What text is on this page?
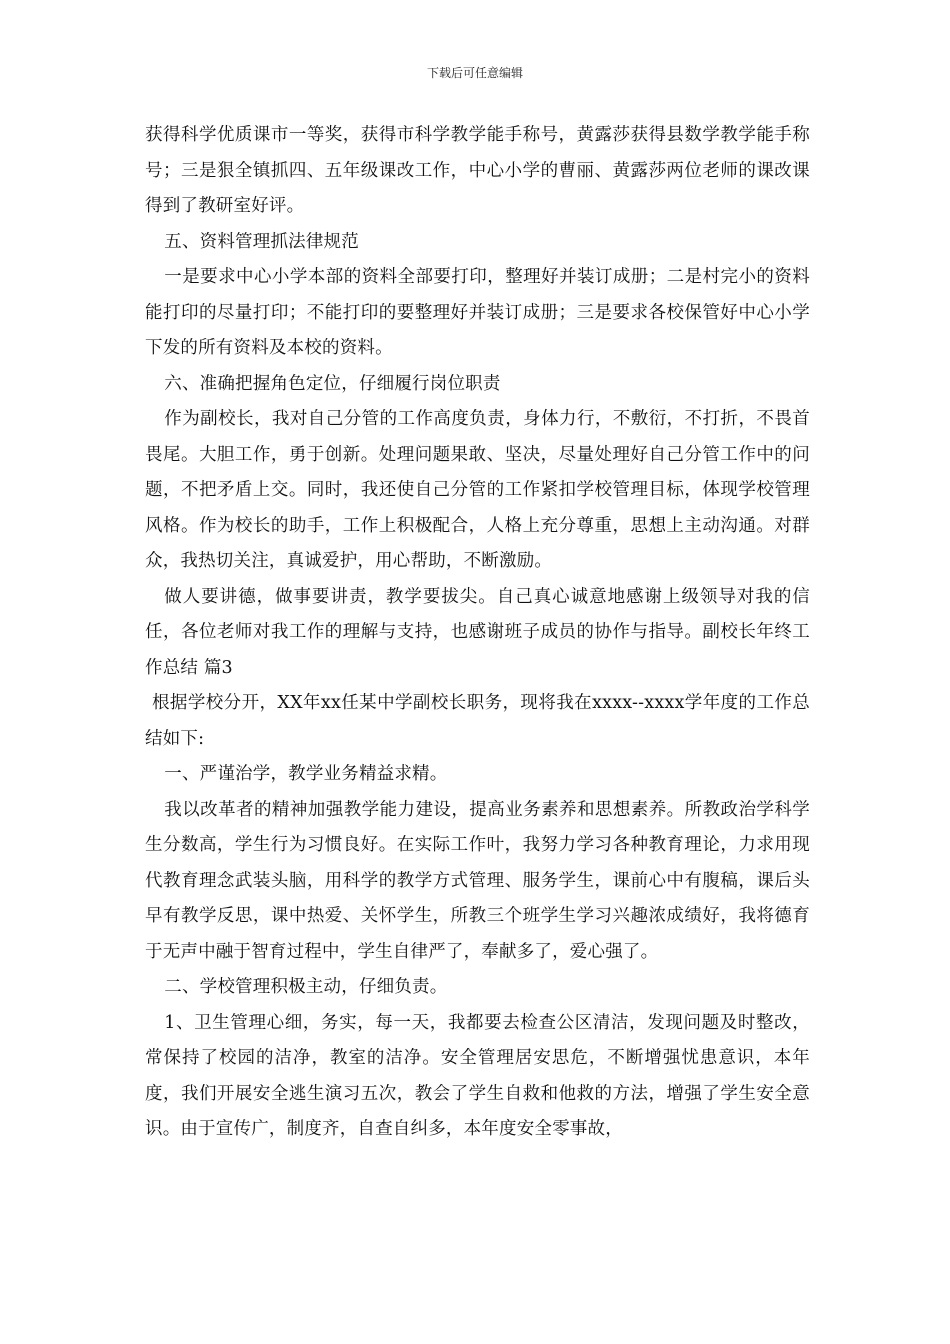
下载后可任意编辑

获得科学优质课市一等奖，获得市科学教学能手称号，黄露莎获得县数学教学能手称号；三是狠全镇抓四、五年级课改工作，中心小学的曹丽、黄露莎两位老师的课改课得到了教研室好评。

五、资料管理抓法律规范

一是要求中心小学本部的资料全部要打印，整理好并装订成册；二是村完小的资料能打印的尽量打印；不能打印的要整理好并装订成册；三是要求各校保管好中心小学下发的所有资料及本校的资料。

六、准确把握角色定位，仔细履行岗位职责

作为副校长，我对自己分管的工作高度负责，身体力行，不敷衍，不打折，不畏首畏尾。大胆工作，勇于创新。处理问题果敢、坚决，尽量处理好自己分管工作中的问题，不把矛盾上交。同时，我还使自己分管的工作紧扣学校管理目标，体现学校管理风格。作为校长的助手，工作上积极配合，人格上充分尊重，思想上主动沟通。对群众，我热切关注，真诚爱护，用心帮助，不断激励。

做人要讲德，做事要讲责，教学要拔尖。自己真心诚意地感谢上级领导对我的信任，各位老师对我工作的理解与支持，也感谢班子成员的协作与指导。副校长年终工作总结 篇3

根据学校分开，XX年xx任某中学副校长职务，现将我在xxxx--xxxx学年度的工作总结如下:

一、严谨治学，教学业务精益求精。

我以改革者的精神加强教学能力建设，提高业务素养和思想素养。所教政治学科学生分数高，学生行为习惯良好。在实际工作叶，我努力学习各种教育理论，力求用现代教育理念武装头脑，用科学的教学方式管理、服务学生，课前心中有腹稿，课后头早有教学反思，课中热爱、关怀学生，所教三个班学生学习兴趣浓成绩好，我将德育于无声中融于智育过程中，学生自律严了，奉献多了，爱心强了。

二、学校管理积极主动，仔细负责。

1、卫生管理心细，务实，每一天，我都要去检查公区清洁，发现问题及时整改，常保持了校园的洁净，教室的洁净。安全管理居安思危，不断增强忧患意识，本年度，我们开展安全逃生演习五次，教会了学生自救和他救的方法，增强了学生安全意识。由于宣传广，制度齐，自查自纠多，本年度安全零事故，
